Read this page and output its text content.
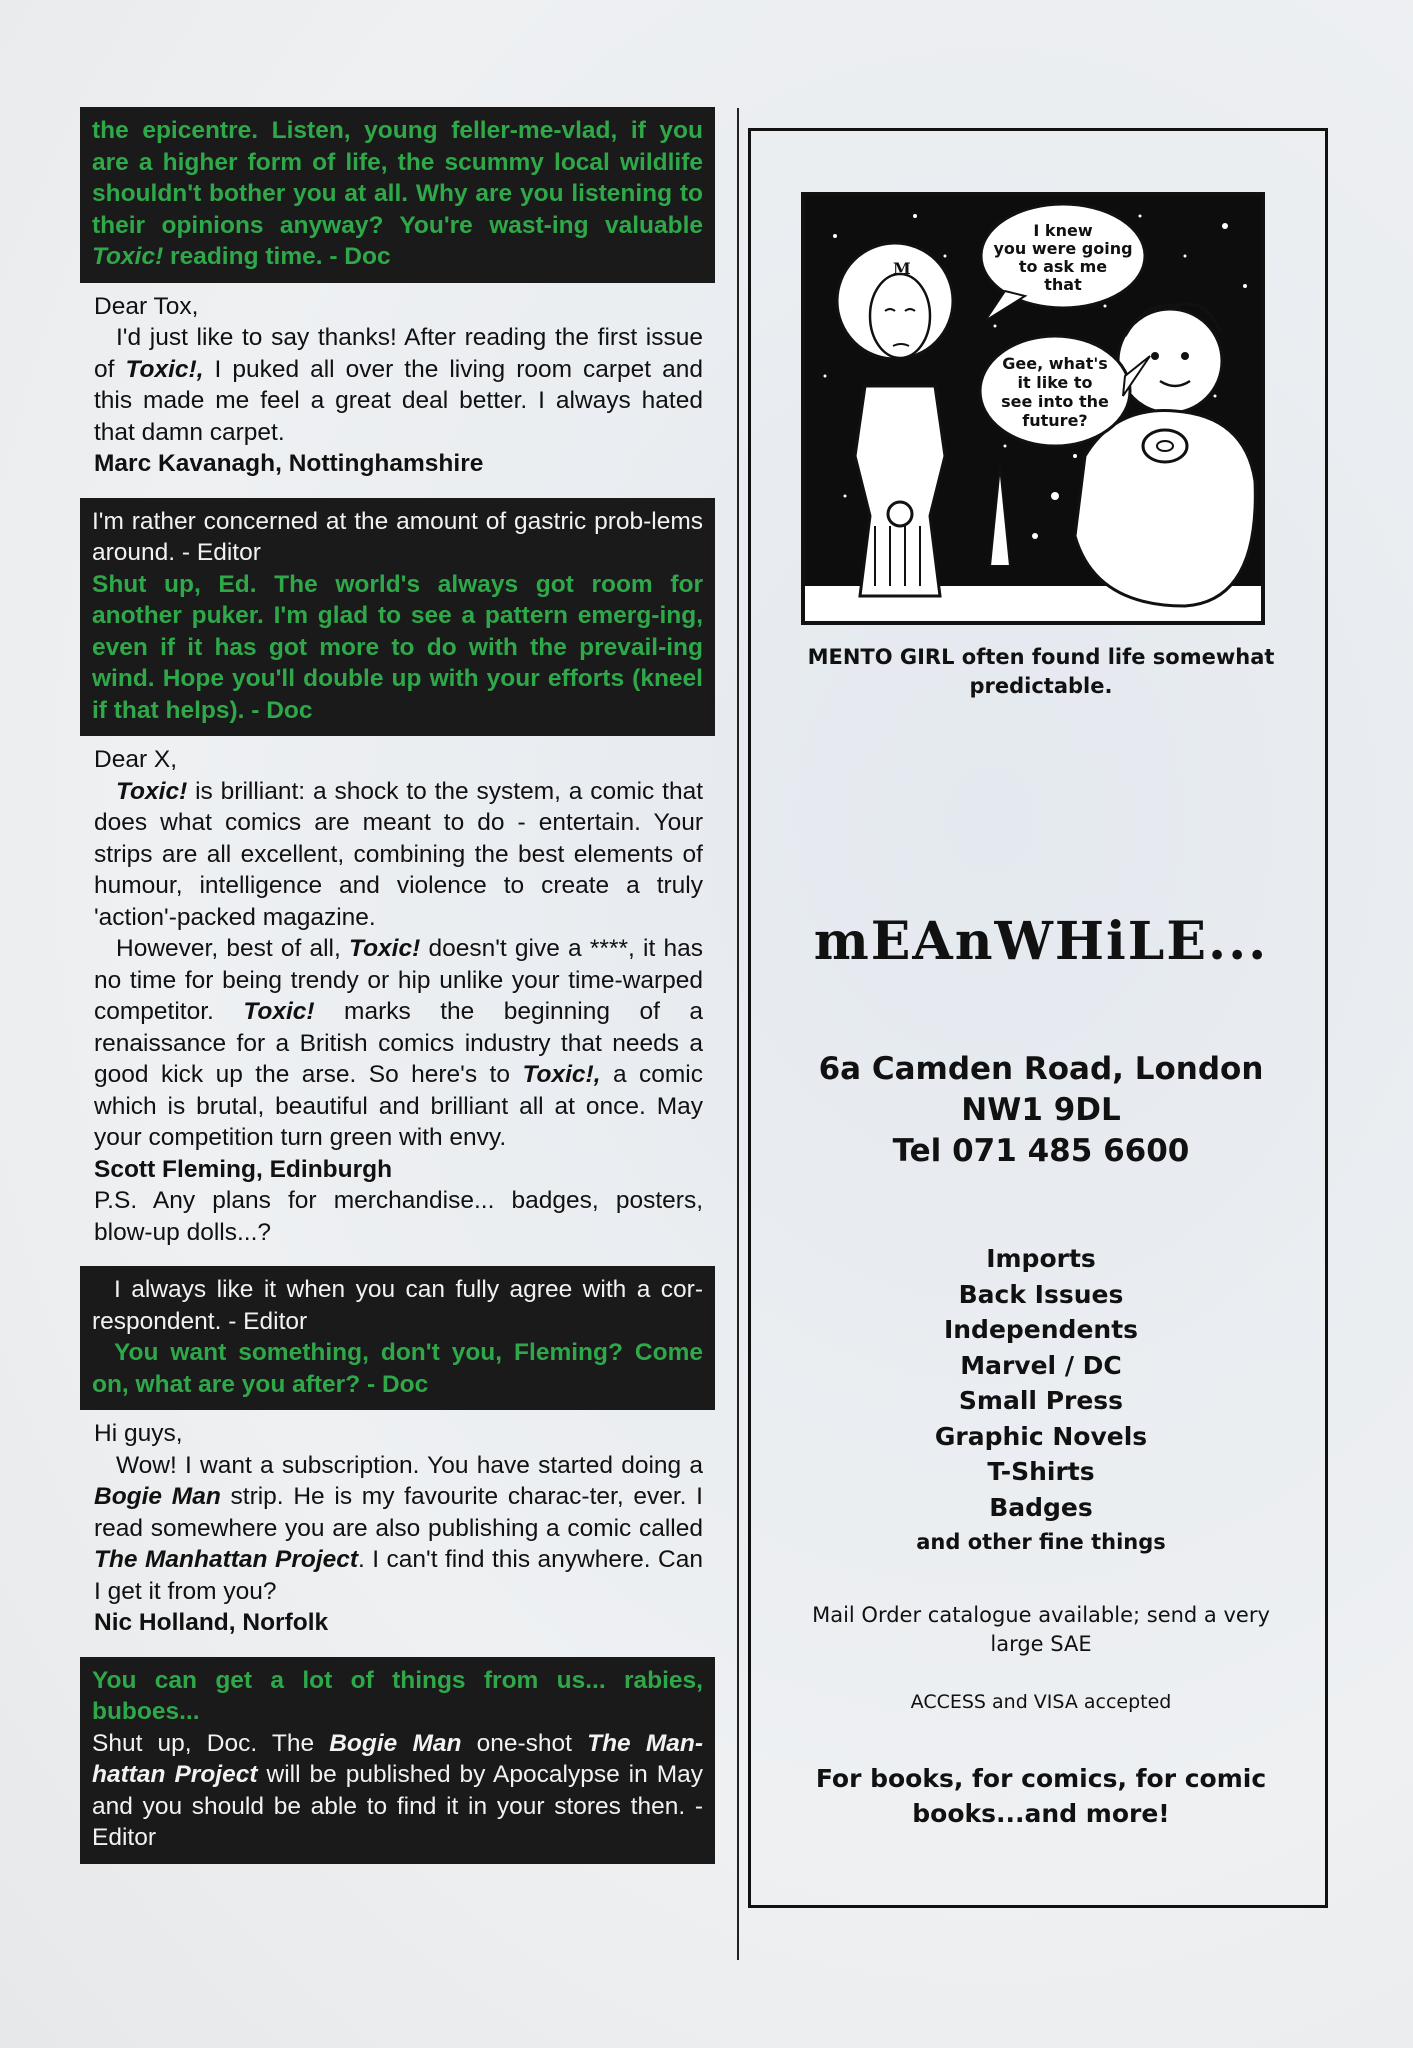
the epicentre. Listen, young feller-me-vlad, if you are a higher form of life, the scummy local wildlife shouldn't bother you at all. Why are you listening to their opinions anyway? You're wast-ing valuable Toxic! reading time. - Doc

Dear Tox,

I'd just like to say thanks! After reading the first issue of Toxic!, I puked all over the living room carpet and this made me feel a great deal better. I always hated that damn carpet.

Marc Kavanagh, Nottinghamshire

I'm rather concerned at the amount of gastric prob-lems around. - Editor
Shut up, Ed. The world's always got room for another puker. I'm glad to see a pattern emerg-ing, even if it has got more to do with the prevail-ing wind. Hope you'll double up with your efforts (kneel if that helps). - Doc

Dear X,

Toxic! is brilliant: a shock to the system, a comic that does what comics are meant to do - entertain. Your strips are all excellent, combining the best elements of humour, intelligence and violence to create a truly 'action'-packed magazine.

However, best of all, Toxic! doesn't give a ****, it has no time for being trendy or hip unlike your time-warped competitor. Toxic! marks the beginning of a renaissance for a British comics industry that needs a good kick up the arse. So here's to Toxic!, a comic which is brutal, beautiful and brilliant all at once. May your competition turn green with envy.

Scott Fleming, Edinburgh

P.S. Any plans for merchandise... badges, posters, blow-up dolls...?

I always like it when you can fully agree with a cor-respondent. - Editor
You want something, don't you, Fleming? Come on, what are you after? - Doc

Hi guys,

Wow! I want a subscription. You have started doing a Bogie Man strip. He is my favourite charac-ter, ever. I read somewhere you are also publishing a comic called The Manhattan Project. I can't find this anywhere. Can I get it from you?

Nic Holland, Norfolk

You can get a lot of things from us... rabies, buboes...
Shut up, Doc. The Bogie Man one-shot The Man-hattan Project will be published by Apocalypse in May and you should be able to find it in your stores then. - Editor
M
I knew
you were going
to ask me
that
Gee, what's
it like to
see into the
future?
MENTO GIRL often found life somewhat predictable.
mEAnWHiLE...
6a Camden Road, London
NW1 9DL
Tel 071 485 6600
Imports
Back Issues
Independents
Marvel / DC
Small Press
Graphic Novels
T-Shirts
Badges
and other fine things
Mail Order catalogue available; send a very large SAE
ACCESS and VISA accepted
For books, for comics, for comic books...and more!
